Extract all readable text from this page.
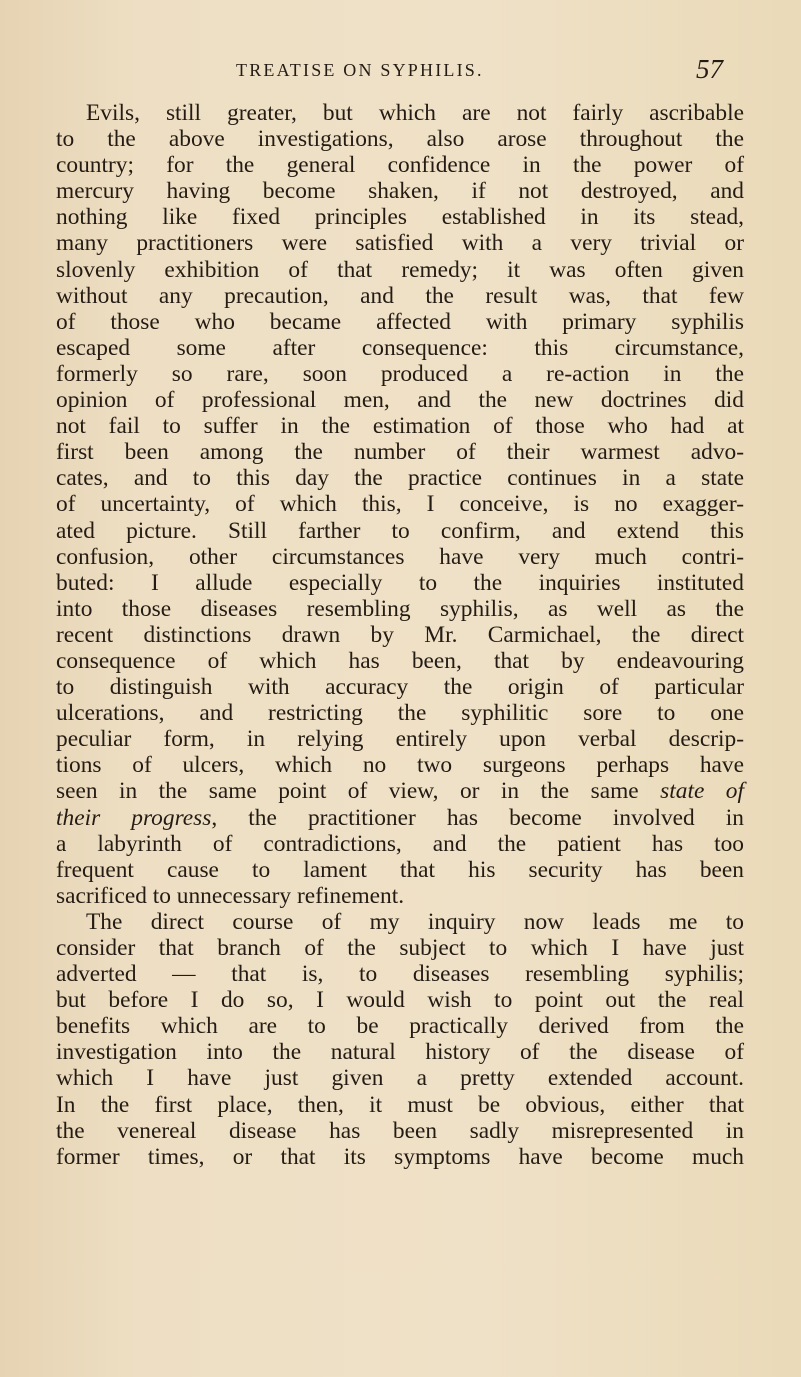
TREATISE ON SYPHILIS.	57
Evils, still greater, but which are not fairly ascribable
to the above investigations, also arose throughout the
country; for the general confidence in the power of
mercury having become shaken, if not destroyed, and
nothing like fixed principles established in its stead,
many practitioners were satisfied with a very trivial or
slovenly exhibition of that remedy; it was often given
without any precaution, and the result was, that few
of those who became affected with primary syphilis
escaped some after consequence: this circumstance,
formerly so rare, soon produced a re-action in the
opinion of professional men, and the new doctrines did
not fail to suffer in the estimation of those who had at
first been among the number of their warmest advo-
cates, and to this day the practice continues in a state
of uncertainty, of which this, I conceive, is no exagger-
ated picture. Still farther to confirm, and extend this
confusion, other circumstances have very much contri-
buted: I allude especially to the inquiries instituted
into those diseases resembling syphilis, as well as the
recent distinctions drawn by Mr. Carmichael, the direct
consequence of which has been, that by endeavouring
to distinguish with accuracy the origin of particular
ulcerations, and restricting the syphilitic sore to one
peculiar form, in relying entirely upon verbal descrip-
tions of ulcers, which no two surgeons perhaps have
seen in the same point of view, or in the same state of
their progress, the practitioner has become involved in
a labyrinth of contradictions, and the patient has too
frequent cause to lament that his security has been
sacrificed to unnecessary refinement.
The direct course of my inquiry now leads me to
consider that branch of the subject to which I have just
adverted — that is, to diseases resembling syphilis;
but before I do so, I would wish to point out the real
benefits which are to be practically derived from the
investigation into the natural history of the disease of
which I have just given a pretty extended account.
In the first place, then, it must be obvious, either that
the venereal disease has been sadly misrepresented in
former times, or that its symptoms have become much
